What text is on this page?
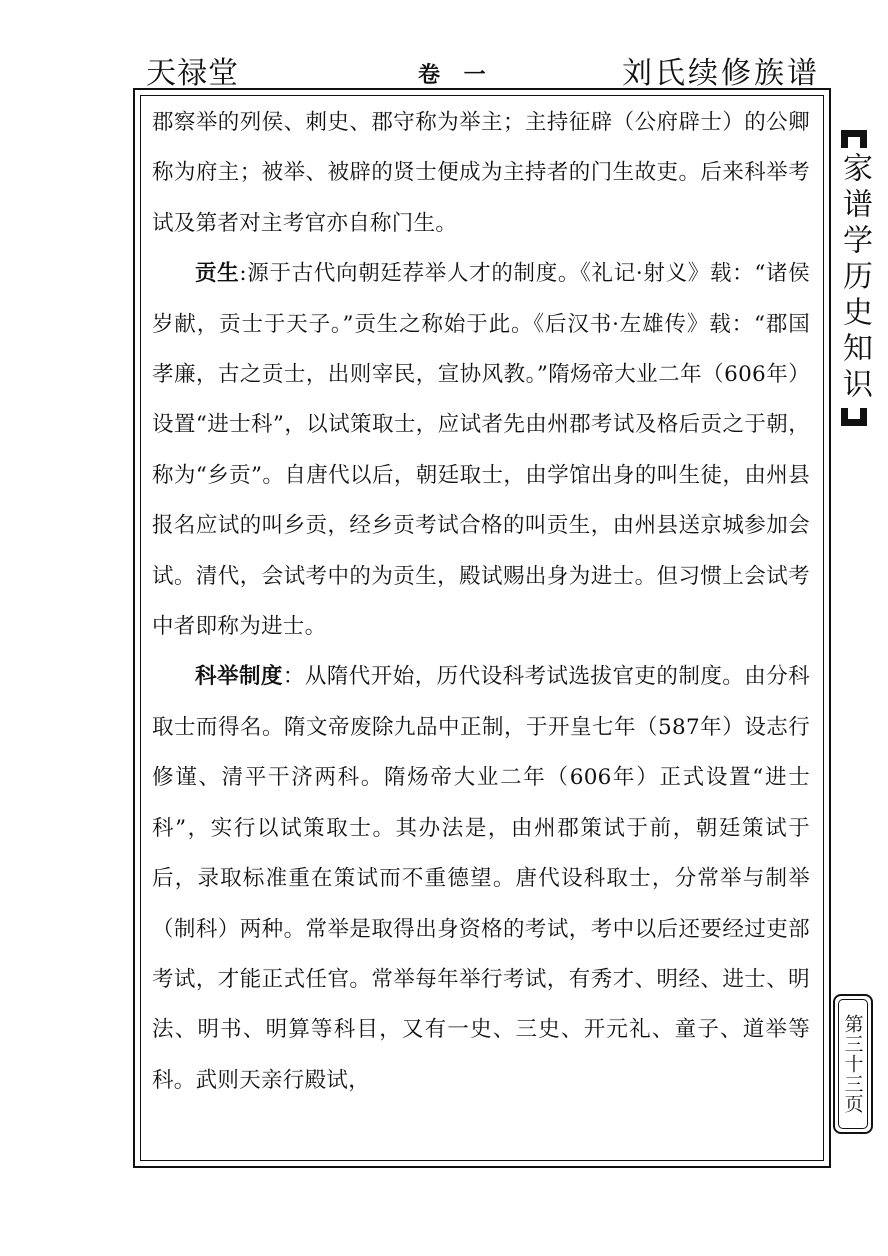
天禄堂	卷 一	刘氏续修族谱

郡察举的列侯、刺史、郡守称为举主；主持征辟（公府辟士）的公卿称为府主；被举、被辟的贤士便成为主持者的门生故吏。后来科举考试及第者对主考官亦自称门生。

贡生:源于古代向朝廷荐举人才的制度。《礼记·射义》载：“诸侯岁献，贡士于天子。”贡生之称始于此。《后汉书·左雄传》载：“郡国孝廉，古之贡士，出则宰民，宣协风教。”隋炀帝大业二年（606年）设置“进士科”，以试策取士，应试者先由州郡考试及格后贡之于朝，称为“乡贡”。自唐代以后，朝廷取士，由学馆出身的叫生徒，由州县报名应试的叫乡贡，经乡贡考试合格的叫贡生，由州县送京城参加会试。清代，会试考中的为贡生，殿试赐出身为进士。但习惯上会试考中者即称为进士。

科举制度：从隋代开始，历代设科考试选拔官吏的制度。由分科取士而得名。隋文帝废除九品中正制，于开皇七年（587年）设志行修谨、清平干济两科。隋炀帝大业二年（606年）正式设置“进士科”，实行以试策取士。其办法是，由州郡策试于前，朝廷策试于后，录取标准重在策试而不重德望。唐代设科取士，分常举与制举（制科）两种。常举是取得出身资格的考试，考中以后还要经过吏部考试，才能正式任官。常举每年举行考试，有秀才、明经、进士、明法、明书、明算等科目，又有一史、三史、开元礼、童子、道举等科。武则天亲行殿试，

家谱学历史知识
第三十三页
